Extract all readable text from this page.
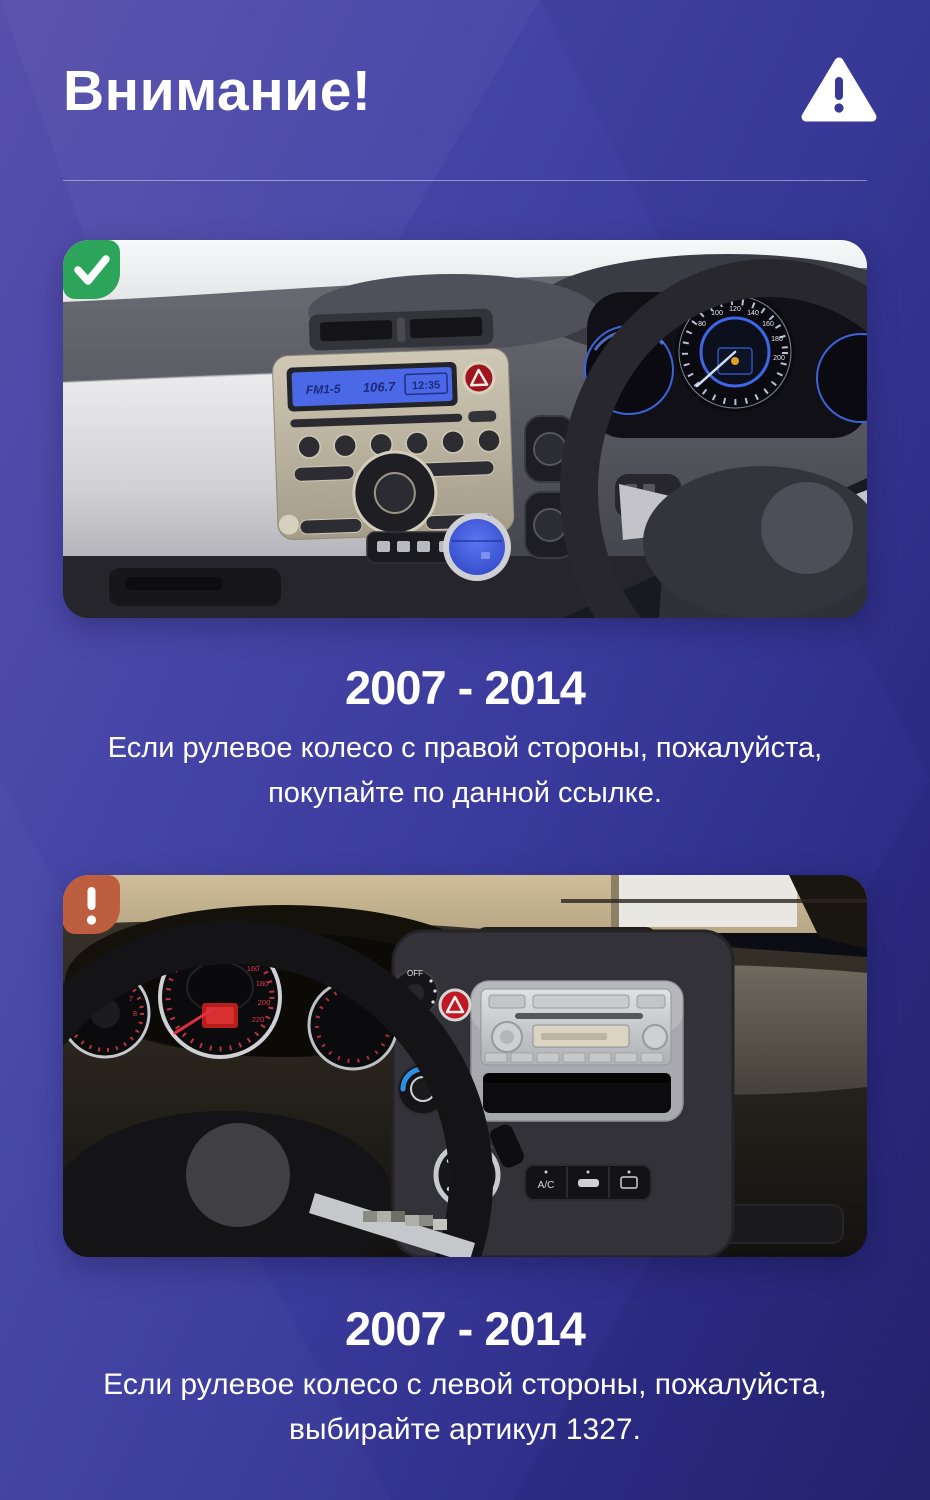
Внимание!
FM1-5 106.7 12:35
80
100
120
140
160
180
200
2007 - 2014
Если рулевое колесо с правой стороны, пожалуйста, покупайте по данной ссылке.
OFF
A/C
4 5 6
7
8
100 120 140
160
180
200
220
2007 - 2014
Если рулевое колесо с левой стороны, пожалуйста, выбирайте артикул 1327.
